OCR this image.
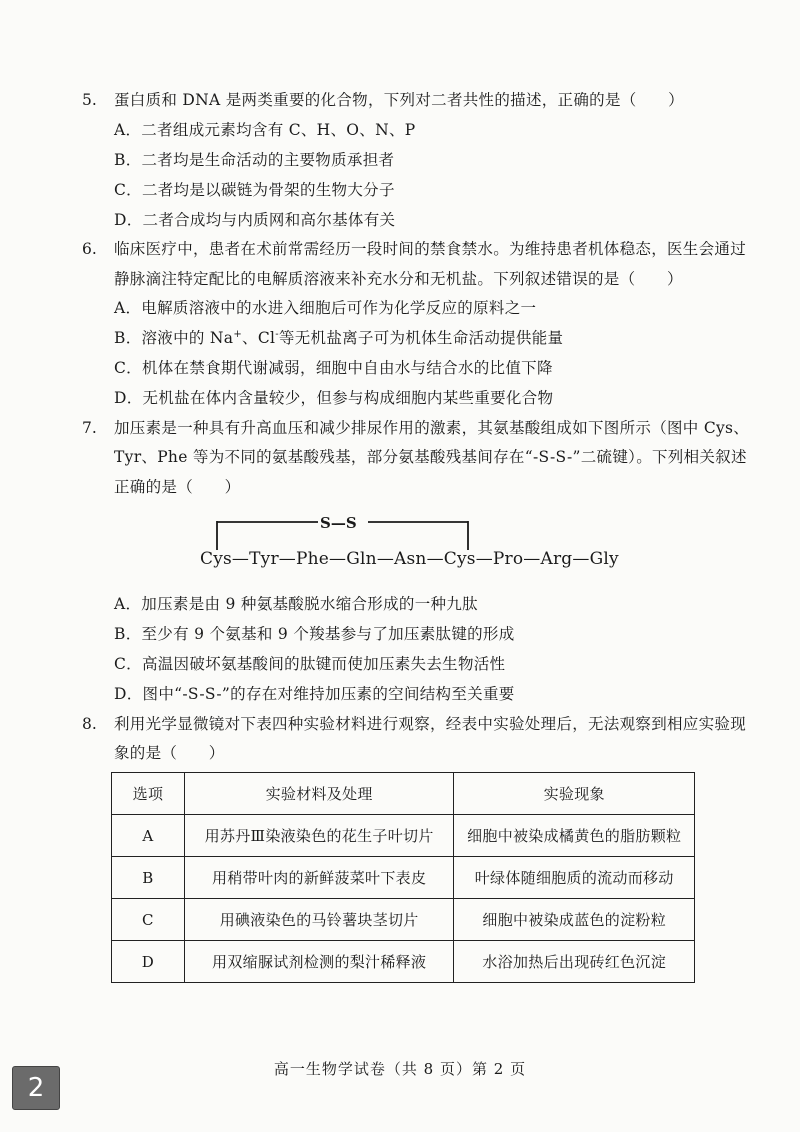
5. 蛋白质和 DNA 是两类重要的化合物，下列对二者共性的描述，正确的是（　　）
A．二者组成元素均含有 C、H、O、N、P
B．二者均是生命活动的主要物质承担者
C．二者均是以碳链为骨架的生物大分子
D．二者合成均与内质网和高尔基体有关
6. 临床医疗中，患者在术前常需经历一段时间的禁食禁水。为维持患者机体稳态，医生会通过
静脉滴注特定配比的电解质溶液来补充水分和无机盐。下列叙述错误的是（　　）
A．电解质溶液中的水进入细胞后可作为化学反应的原料之一
B．溶液中的 Na+、Cl-等无机盐离子可为机体生命活动提供能量
C．机体在禁食期代谢减弱，细胞中自由水与结合水的比值下降
D．无机盐在体内含量较少，但参与构成细胞内某些重要化合物
7. 加压素是一种具有升高血压和减少排尿作用的激素，其氨基酸组成如下图所示（图中 Cys、
Tyr、Phe 等为不同的氨基酸残基，部分氨基酸残基间存在“-S-S-”二硫键）。下列相关叙述
正确的是（　　）
S—S
Cys—Tyr—Phe—Gln—Asn—Cys—Pro—Arg—Gly
A．加压素是由 9 种氨基酸脱水缩合形成的一种九肽
B．至少有 9 个氨基和 9 个羧基参与了加压素肽键的形成
C．高温因破坏氨基酸间的肽键而使加压素失去生物活性
D．图中“-S-S-”的存在对维持加压素的空间结构至关重要
8. 利用光学显微镜对下表四种实验材料进行观察，经表中实验处理后，无法观察到相应实验现
象的是（　　）
选项	实验材料及处理	实验现象
A	用苏丹Ⅲ染液染色的花生子叶切片	细胞中被染成橘黄色的脂肪颗粒
B	用稍带叶肉的新鲜菠菜叶下表皮	叶绿体随细胞质的流动而移动
C	用碘液染色的马铃薯块茎切片	细胞中被染成蓝色的淀粉粒
D	用双缩脲试剂检测的梨汁稀释液	水浴加热后出现砖红色沉淀
高一生物学试卷（共 8 页）第 2 页
2
